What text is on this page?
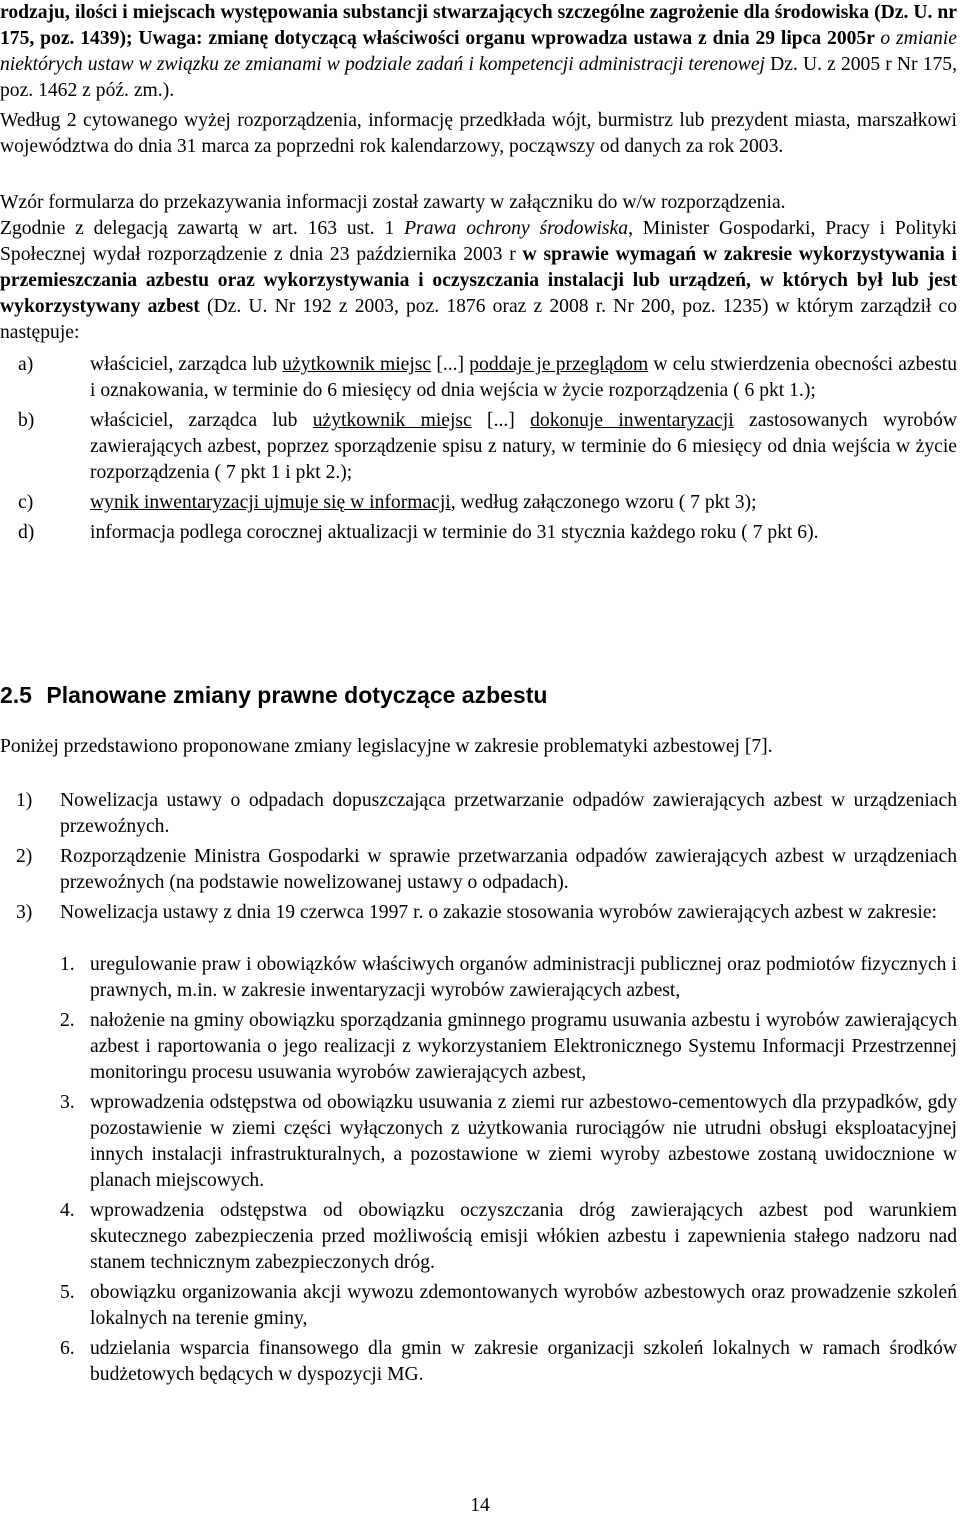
rodzaju, ilości i miejscach występowania substancji stwarzających szczególne zagrożenie dla środowiska (Dz. U. nr 175, poz. 1439); Uwaga: zmianę dotyczącą właściwości organu wprowadza ustawa z dnia 29 lipca 2005r o zmianie niektórych ustaw w związku ze zmianami w podziale zadań i kompetencji administracji terenowej Dz. U. z 2005 r Nr 175, poz. 1462 z póź. zm.).

Według 2 cytowanego wyżej rozporządzenia, informację przedkłada wójt, burmistrz lub prezydent miasta, marszałkowi województwa do dnia 31 marca za poprzedni rok kalendarzowy, począwszy od danych za rok 2003.

Wzór formularza do przekazywania informacji został zawarty w załączniku do w/w rozporządzenia.

Zgodnie z delegacją zawartą w art. 163 ust. 1 Prawa ochrony środowiska, Minister Gospodarki, Pracy i Polityki Społecznej wydał rozporządzenie z dnia 23 października 2003 r w sprawie wymagań w zakresie wykorzystywania i przemieszczania azbestu oraz wykorzystywania i oczyszczania instalacji lub urządzeń, w których był lub jest wykorzystywany azbest (Dz. U. Nr 192 z 2003, poz. 1876 oraz z 2008 r. Nr 200, poz. 1235) w którym zarządził co następuje:

a)	właściciel, zarządca lub użytkownik miejsc [...] poddaje je przeglądom w celu stwierdzenia obecności azbestu i oznakowania, w terminie do 6 miesięcy od dnia wejścia w życie rozporządzenia ( 6 pkt 1.);
b)	właściciel, zarządca lub użytkownik miejsc [...] dokonuje inwentaryzacji zastosowanych wyrobów zawierających azbest, poprzez sporządzenie spisu z natury, w terminie do 6 miesięcy od dnia wejścia w życie rozporządzenia ( 7 pkt 1 i pkt 2.);
c)	wynik inwentaryzacji ujmuje się w informacji, według załączonego wzoru ( 7 pkt 3);
d)	informacja podlega corocznej aktualizacji w terminie do 31 stycznia każdego roku ( 7 pkt 6).
2.5 Planowane zmiany prawne dotyczące azbestu

Poniżej przedstawiono proponowane zmiany legislacyjne w zakresie problematyki azbestowej [7].

1) Nowelizacja ustawy o odpadach dopuszczająca przetwarzanie odpadów zawierających azbest w urządzeniach przewoźnych.
2) Rozporządzenie Ministra Gospodarki w sprawie przetwarzania odpadów zawierających azbest w urządzeniach przewoźnych (na podstawie nowelizowanej ustawy o odpadach).
3) Nowelizacja ustawy z dnia 19 czerwca 1997 r. o zakazie stosowania wyrobów zawierających azbest w zakresie:
1. uregulowanie praw i obowiązków właściwych organów administracji publicznej oraz podmiotów fizycznych i prawnych, m.in. w zakresie inwentaryzacji wyrobów zawierających azbest,
2. nałożenie na gminy obowiązku sporządzania gminnego programu usuwania azbestu i wyrobów zawierających azbest i raportowania o jego realizacji z wykorzystaniem Elektronicznego Systemu Informacji Przestrzennej monitoringu procesu usuwania wyrobów zawierających azbest,
3. wprowadzenia odstępstwa od obowiązku usuwania z ziemi rur azbestowo-cementowych dla przypadków, gdy pozostawienie w ziemi części wyłączonych z użytkowania rurociągów nie utrudni obsługi eksploatacyjnej innych instalacji infrastrukturalnych, a pozostawione w ziemi wyroby azbestowe zostaną uwidocznione w planach miejscowych.
4. wprowadzenia odstępstwa od obowiązku oczyszczania dróg zawierających azbest pod warunkiem skutecznego zabezpieczenia przed możliwością emisji włókien azbestu i zapewnienia stałego nadzoru nad stanem technicznym zabezpieczonych dróg.
5. obowiązku organizowania akcji wywozu zdemontowanych wyrobów azbestowych oraz prowadzenie szkoleń lokalnych na terenie gminy,
6. udzielania wsparcia finansowego dla gmin w zakresie organizacji szkoleń lokalnych w ramach środków budżetowych będących w dyspozycji MG.
14
